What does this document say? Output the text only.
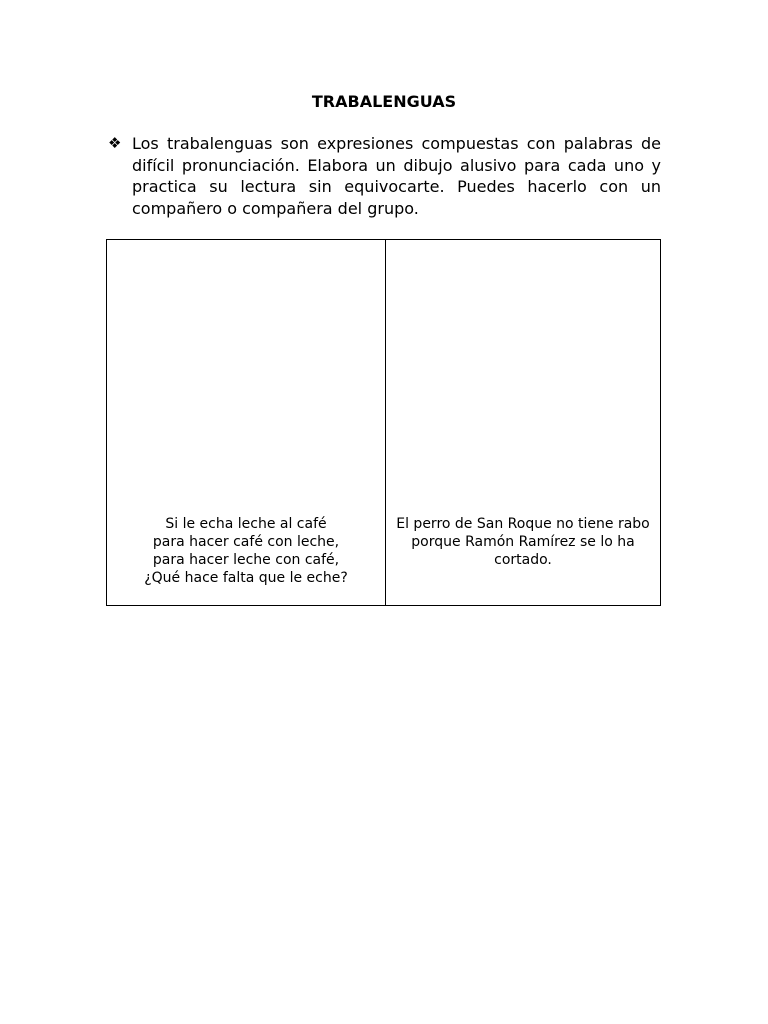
TRABALENGUAS
❖ Los trabalenguas son expresiones compuestas con palabras de difícil pronunciación. Elabora un dibujo alusivo para cada uno y practica su lectura sin equivocarte. Puedes hacerlo con un compañero o compañera del grupo.
Si le echa leche al café
para hacer café con leche,
para hacer leche con café,
¿Qué hace falta que le eche?
El perro de San Roque no tiene rabo
porque Ramón Ramírez se lo ha cortado.
